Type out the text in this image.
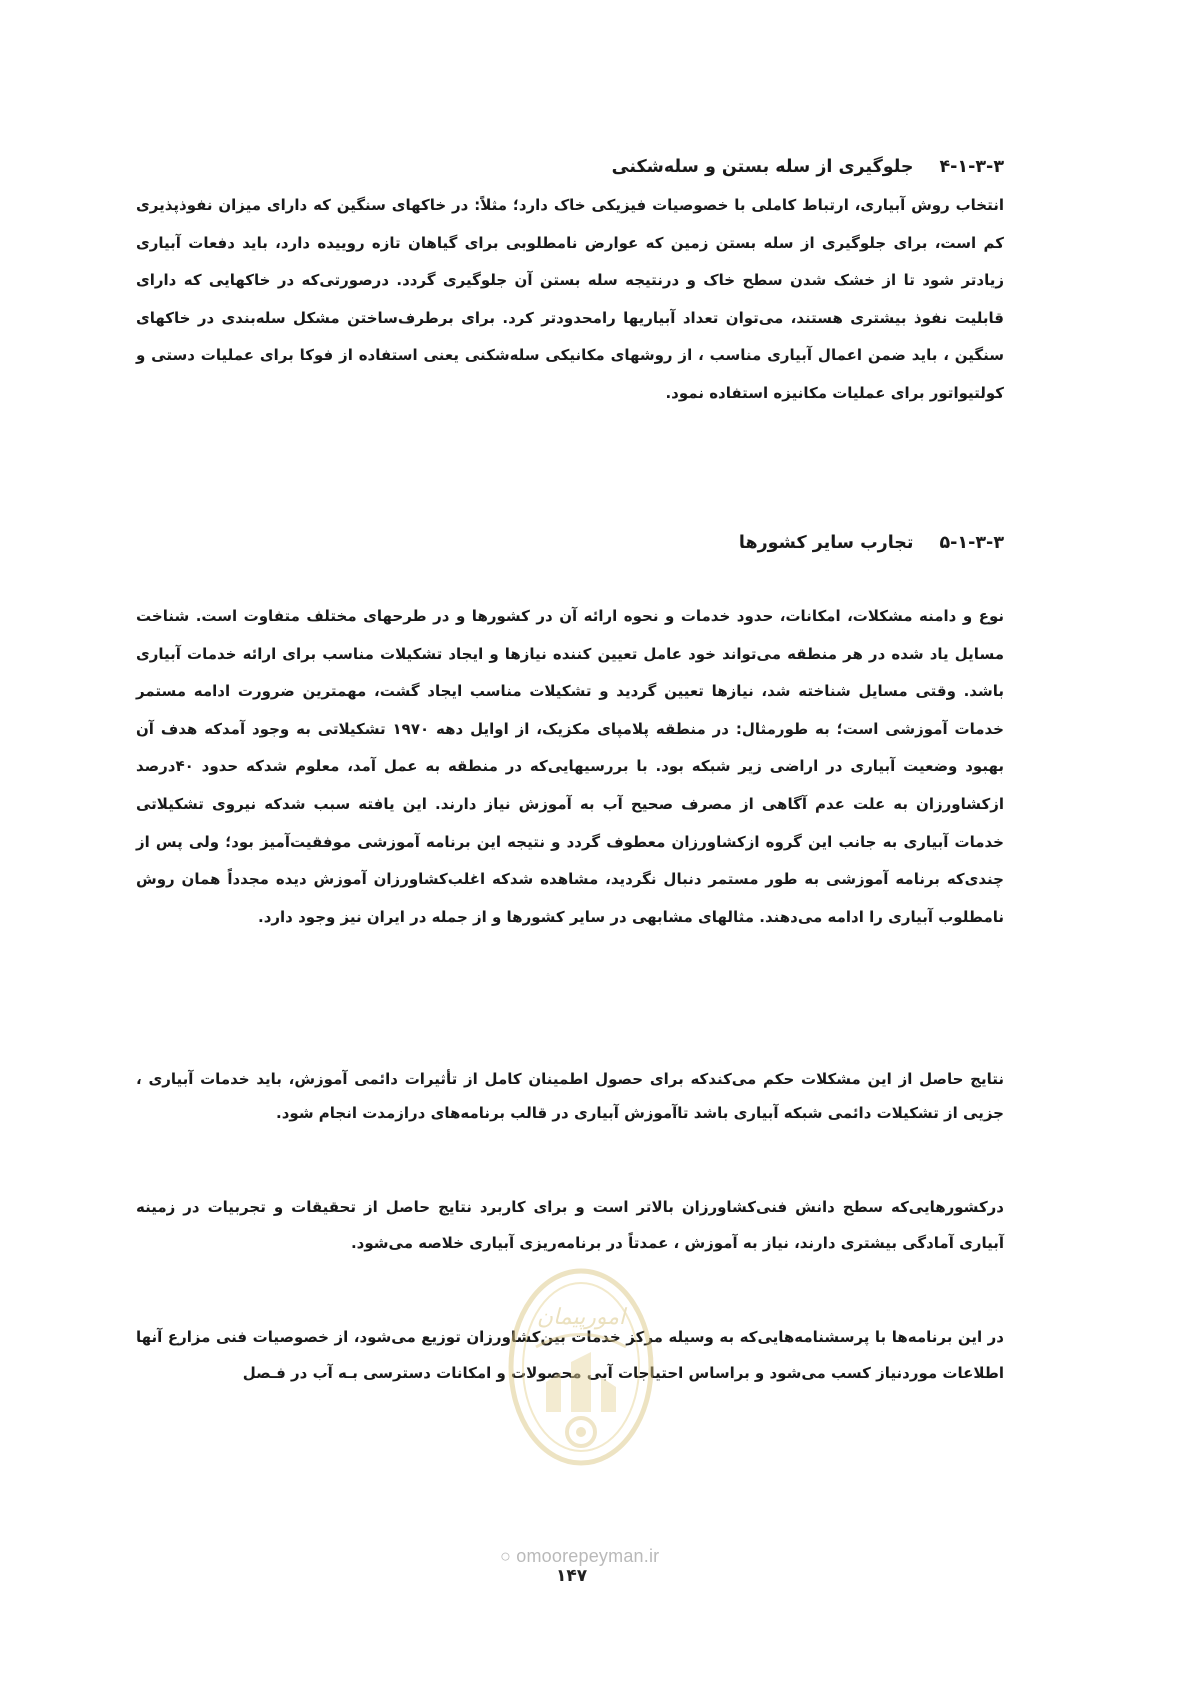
۴-۱-۳-۳جلوگیری از سله بستن و سله‌شکنی

انتخاب روش آبیاری، ارتباط کاملی با خصوصیات فیزیکی خاک دارد؛ مثلاً: در خاکهای سنگین که دارای میزان نفوذپذیری کم است، برای جلوگیری از سله بستن زمین که عوارض نامطلوبی برای گیاهان تازه روییده دارد، باید دفعات آبیاری زیادتر شود تا از خشک شدن سطح خاک و درنتیجه سله بستن آن جلوگیری گردد. درصورتی‌که در خاکهایی که دارای قابلیت نفوذ بیشتری هستند، می‌توان تعداد آبیاریها رامحدودتر کرد. برای برطرف‌ساختن مشکل سله‌بندی در خاکهای سنگین ، باید ضمن اعمال آبیاری مناسب ، از روشهای مکانیکی سله‌شکنی یعنی استفاده از فوکا برای عملیات دستی و کولتیواتور برای عملیات مکانیزه استفاده نمود.

۵-۱-۳-۳تجارب سایر کشورها

نوع و دامنه مشکلات، امکانات، حدود خدمات و نحوه ارائه آن در کشورها و در طرحهای مختلف متفاوت است. شناخت مسایل یاد شده در هر منطقه می‌تواند خود عامل تعیین کننده نیازها و ایجاد تشکیلات مناسب برای ارائه خدمات آبیاری باشد. وقتی مسایل شناخته شد، نیازها تعیین گردید و تشکیلات مناسب ایجاد گشت، مهمترین ضرورت ادامه مستمر خدمات آموزشی است؛ به طورمثال: در منطقه پلامپای مکزیک، از اوایل دهه ۱۹۷۰ تشکیلاتی به وجود آمدکه هدف آن بهبود وضعیت آبیاری در اراضی زیر شبکه بود. با بررسیهایی‌که در منطقه به عمل آمد، معلوم شدکه حدود ۴۰درصد ازکشاورزان به علت عدم آگاهی از مصرف صحیح آب به آموزش نیاز دارند. این یافته سبب شدکه نیروی تشکیلاتی خدمات آبیاری به جانب این گروه ازکشاورزان معطوف گردد و نتیجه این برنامه آموزشی موفقیت‌آمیز بود؛ ولی پس از چندی‌که برنامه آموزشی به طور مستمر دنبال نگردید، مشاهده شدکه اغلب‌کشاورزان آموزش دیده مجدداً همان روش نامطلوب آبیاری را ادامه می‌دهند. مثالهای مشابهی در سایر کشورها و از جمله در ایران نیز وجود دارد.

نتایج حاصل از این مشکلات حکم می‌کندکه برای حصول اطمینان کامل از تأثیرات دائمی آموزش، باید خدمات آبیاری ، جزیی از تشکیلات دائمی شبکه آبیاری باشد تاآموزش آبیاری در قالب برنامه‌های درازمدت انجام شود.

درکشورهایی‌که سطح دانش فنی‌کشاورزان بالاتر است و برای کاربرد نتایج حاصل از تحقیقات و تجربیات در زمینه آبیاری آمادگی بیشتری دارند، نیاز به آموزش ، عمدتاً در برنامه‌ریزی آبیاری خلاصه می‌شود.

در این برنامه‌ها با پرسشنامه‌هایی‌که به وسیله مرکز خدمات بین‌کشاورزان توزیع می‌شود، از خصوصیات فنی مزارع آنها اطلاعات موردنیاز کسب می‌شود و براساس احتیاجات آبی محصولات و امکانات دسترسی بـه آب در فـصل

امورپیمان
○ omoorepeyman.ir
۱۴۷
